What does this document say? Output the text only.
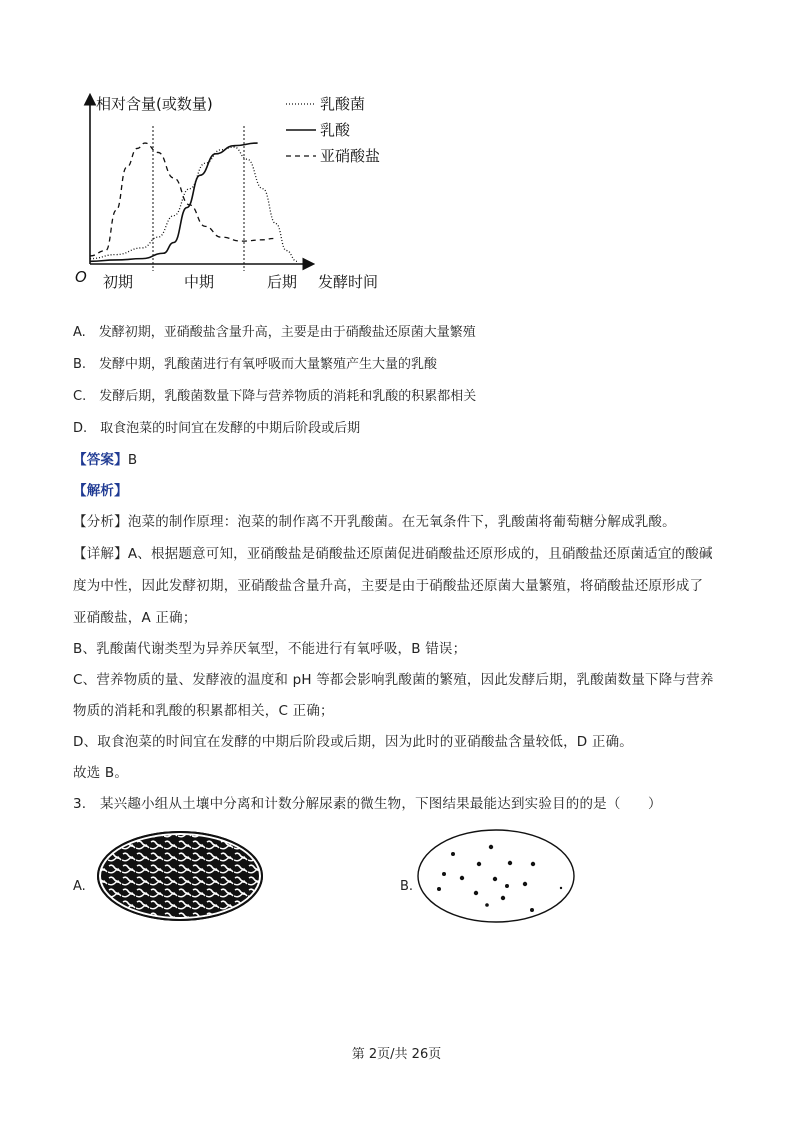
相对含量(或数量)
O 初期	中期	后期 发酵时间
乳酸菌
乳酸
亚硝酸盐
A.　发酵初期，亚硝酸盐含量升高，主要是由于硝酸盐还原菌大量繁殖
B.　发酵中期，乳酸菌进行有氧呼吸而大量繁殖产生大量的乳酸
C.　发酵后期，乳酸菌数量下降与营养物质的消耗和乳酸的积累都相关
D.　取食泡菜的时间宜在发酵的中期后阶段或后期
【答案】B
【解析】
【分析】泡菜的制作原理：泡菜的制作离不开乳酸菌。在无氧条件下，乳酸菌将葡萄糖分解成乳酸。
【详解】A、根据题意可知，亚硝酸盐是硝酸盐还原菌促进硝酸盐还原形成的，且硝酸盐还原菌适宜的酸碱
度为中性，因此发酵初期，亚硝酸盐含量升高，主要是由于硝酸盐还原菌大量繁殖，将硝酸盐还原形成了
亚硝酸盐，A 正确；
B、乳酸菌代谢类型为异养厌氧型，不能进行有氧呼吸，B 错误；
C、营养物质的量、发酵液的温度和 pH 等都会影响乳酸菌的繁殖，因此发酵后期，乳酸菌数量下降与营养
物质的消耗和乳酸的积累都相关，C 正确；
D、取食泡菜的时间宜在发酵的中期后阶段或后期，因为此时的亚硝酸盐含量较低，D 正确。
故选 B。
3.　某兴趣小组从土壤中分离和计数分解尿素的微生物，下图结果最能达到实验目的的是（　　）
A.	B.
第 2页/共 26页
